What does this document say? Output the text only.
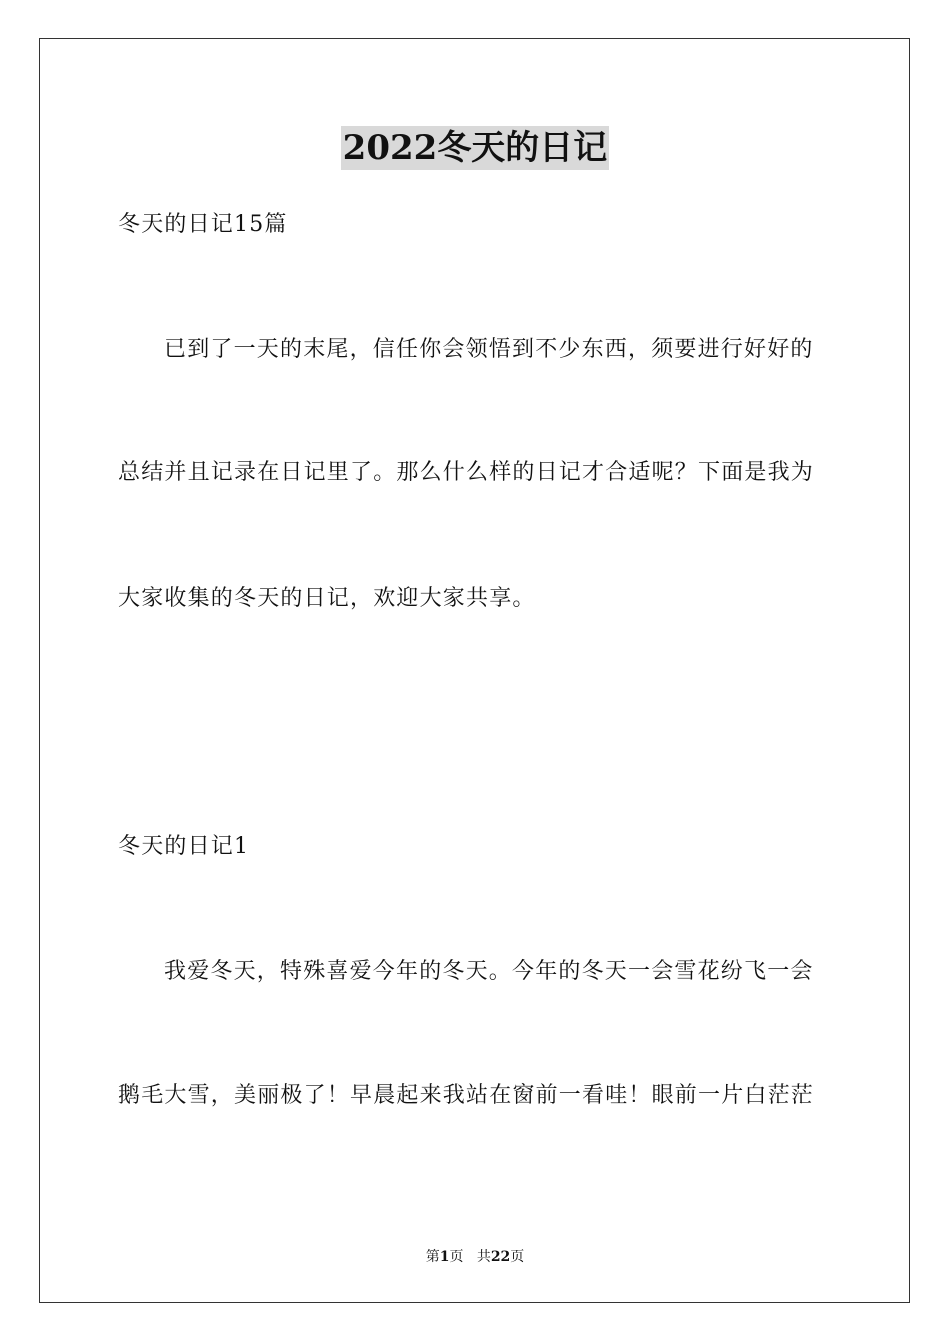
2022冬天的日记
冬天的日记15篇
已到了一天的末尾，信任你会领悟到不少东西，须要进行好好的
总结并且记录在日记里了。那么什么样的日记才合适呢？下面是我为
大家收集的冬天的日记，欢迎大家共享。
冬天的日记1
我爱冬天，特殊喜爱今年的冬天。今年的冬天一会雪花纷飞一会
鹅毛大雪，美丽极了！早晨起来我站在窗前一看哇！眼前一片白茫茫
第1页 共22页
